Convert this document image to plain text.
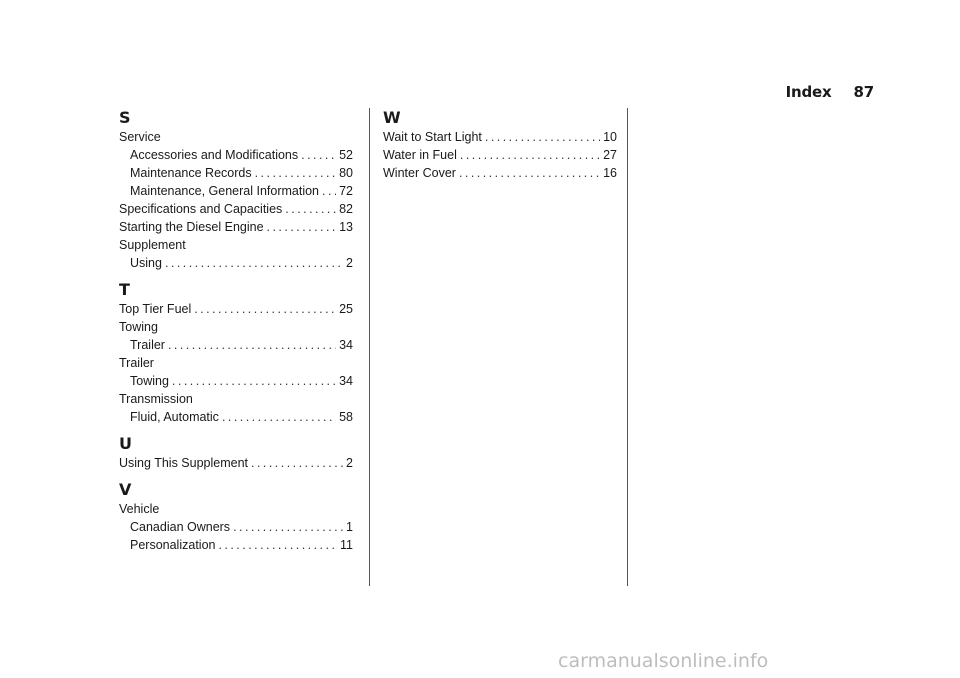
Index 87
S
Service
Accessories and Modifications . . .	52
Maintenance Records . . .	80
Maintenance, General Information . . . 72
Specifications and Capacities . . .	82
Starting the Diesel Engine . . .	13
Supplement
Using . . .	2
T
Top Tier Fuel . . .	25
Towing
Trailer . . .	34
Trailer
Towing . . .	34
Transmission
Fluid, Automatic . . .	58
U
Using This Supplement . . .	2
V
Vehicle
Canadian Owners . . .	1
Personalization . . .	11
W
Wait to Start Light . . .	10
Water in Fuel . . .	27
Winter Cover . . .	16
carmanualsonline.info
